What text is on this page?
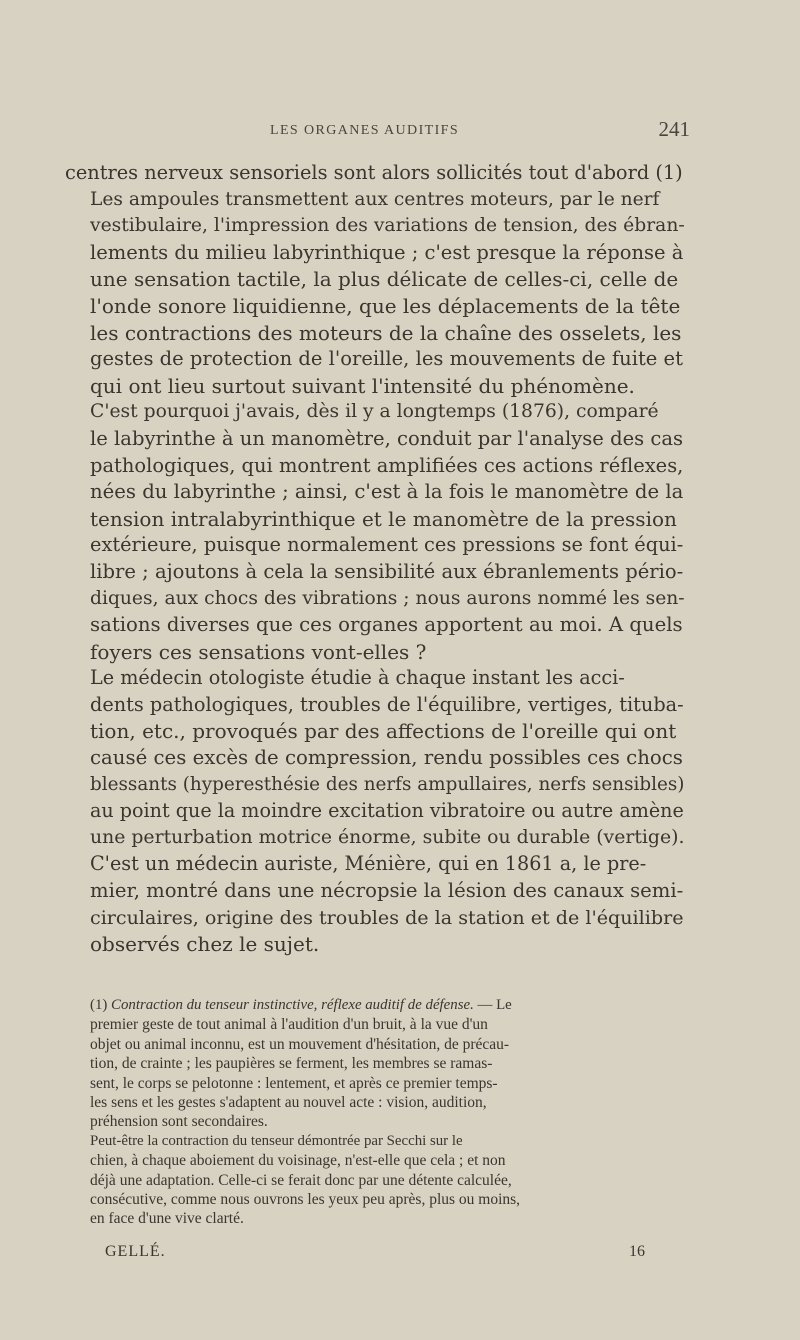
LES ORGANES AUDITIFS	241

centres nerveux sensoriels sont alors sollicités tout d'abord (1)

Les ampoules transmettent aux centres moteurs, par le nerf
vestibulaire, l'impression des variations de tension, des ébran-
lements du milieu labyrinthique ; c'est presque la réponse à
une sensation tactile, la plus délicate de celles-ci, celle de
l'onde sonore liquidienne, que les déplacements de la tête
les contractions des moteurs de la chaîne des osselets, les
gestes de protection de l'oreille, les mouvements de fuite et
qui ont lieu surtout suivant l'intensité du phénomène.

C'est pourquoi j'avais, dès il y a longtemps (1876), comparé
le labyrinthe à un manomètre, conduit par l'analyse des cas
pathologiques, qui montrent amplifiées ces actions réflexes,
nées du labyrinthe ; ainsi, c'est à la fois le manomètre de la
tension intralabyrinthique et le manomètre de la pression
extérieure, puisque normalement ces pressions se font équi-
libre ; ajoutons à cela la sensibilité aux ébranlements pério-
diques, aux chocs des vibrations ; nous aurons nommé les sen-
sations diverses que ces organes apportent au moi. A quels
foyers ces sensations vont-elles ?

Le médecin otologiste étudie à chaque instant les acci-
dents pathologiques, troubles de l'équilibre, vertiges, tituba-
tion, etc., provoqués par des affections de l'oreille qui ont
causé ces excès de compression, rendu possibles ces chocs
blessants (hyperesthésie des nerfs ampullaires, nerfs sensibles)
au point que la moindre excitation vibratoire ou autre amène
une perturbation motrice énorme, subite ou durable (vertige).

C'est un médecin auriste, Ménière, qui en 1861 a, le pre-
mier, montré dans une nécropsie la lésion des canaux semi-
circulaires, origine des troubles de la station et de l'équilibre
observés chez le sujet.

(1) Contraction du tenseur instinctive, réflexe auditif de défense. — Le
premier geste de tout animal à l'audition d'un bruit, à la vue d'un
objet ou animal inconnu, est un mouvement d'hésitation, de précau-
tion, de crainte ; les paupières se ferment, les membres se ramas-
sent, le corps se pelotonne : lentement, et après ce premier temps-
les sens et les gestes s'adaptent au nouvel acte : vision, audition,
préhension sont secondaires.

Peut-être la contraction du tenseur démontrée par Secchi sur le
chien, à chaque aboiement du voisinage, n'est-elle que cela ; et non
déjà une adaptation. Celle-ci se ferait donc par une détente calculée,
consécutive, comme nous ouvrons les yeux peu après, plus ou moins,
en face d'une vive clarté.

GELLÉ.	16
